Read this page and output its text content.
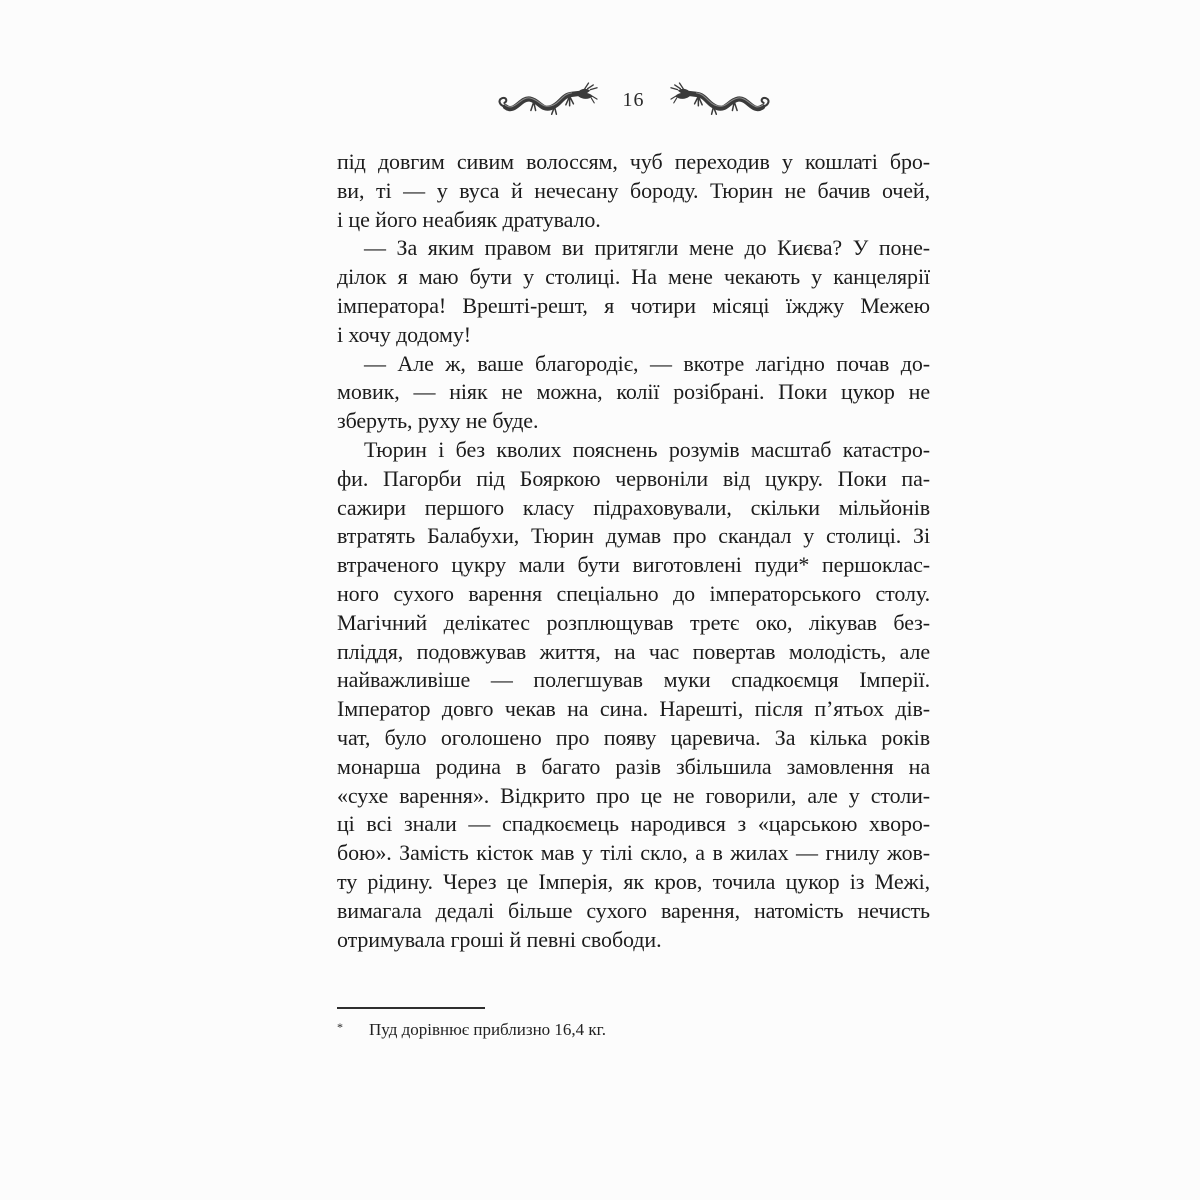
16
під довгим сивим волоссям, чуб переходив у кошлаті бро-
ви, ті — у вуса й нечесану бороду. Тюрин не бачив очей,
і це його неабияк дратувало.
— За яким правом ви притягли мене до Києва? У поне-
ділок я маю бути у столиці. На мене чекають у канцелярії
імператора! Врешті-решт, я чотири місяці їжджу Межею
і хочу додому!
— Але ж, ваше благородіє, — вкотре лагідно почав до-
мовик, — ніяк не можна, колії розібрані. Поки цукор не
зберуть, руху не буде.
Тюрин і без кволих пояснень розумів масштаб катастро-
фи. Пагорби під Бояркою червоніли від цукру. Поки па-
сажири першого класу підраховували, скільки мільйонів
втратять Балабухи, Тюрин думав про скандал у столиці. Зі
втраченого цукру мали бути виготовлені пуди* першоклас-
ного сухого варення спеціально до імператорського столу.
Магічний делікатес розплющував третє око, лікував без-
пліддя, подовжував життя, на час повертав молодість, але
найважливіше — полегшував муки спадкоємця Імперії.
Імператор довго чекав на сина. Нарешті, після п’ятьох дів-
чат, було оголошено про появу царевича. За кілька років
монарша родина в багато разів збільшила замовлення на
«сухе варення». Відкрито про це не говорили, але у столи-
ці всі знали — спадкоємець народився з «царською хворо-
бою». Замість кісток мав у тілі скло, а в жилах — гнилу жов-
ту рідину. Через це Імперія, як кров, точила цукор із Межі,
вимагала дедалі більше сухого варення, натомість нечисть
отримувала гроші й певні свободи.
*	Пуд дорівнює приблизно 16,4 кг.
